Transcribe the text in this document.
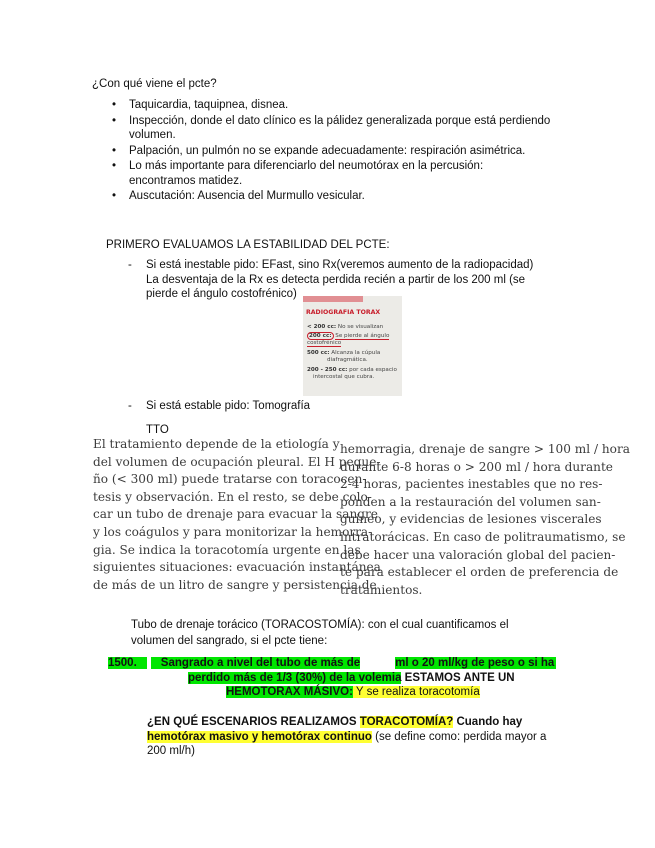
¿Con qué viene el pcte?
• Taquicardia, taquipnea, disnea.
• Inspección, donde el dato clínico es la pálidez generalizada porque está perdiendo
volumen.
• Palpación, un pulmón no se expande adecuadamente: respiración asimétrica.
• Lo más importante para diferenciarlo del neumotórax en la percusión:
encontramos matidez.
• Auscutación: Ausencia del Murmullo vesicular.
PRIMERO EVALUAMOS LA ESTABILIDAD DEL PCTE:
- Si está inestable pido: EFast, sino Rx(veremos aumento de la radiopacidad)
La desventaja de la Rx es detecta perdida recién a partir de los 200 ml (se
pierde el ángulo costofrénico)
RADIOGRAFIA TORAX
< 200 cc: No se visualizan
200 cc: Se pierde al ángulo
costofrénico
500 cc: Alcanza la cúpula
diafragmática.
200 - 250 cc: por cada espacio
intercostal que cubra.
- Si está estable pido: Tomografía
TTO

El tratamiento depende de la etiología y

del volumen de ocupación pleural. El H peque-

ño (< 300 ml) puede tratarse con toracocen-

tesis y observación. En el resto, se debe colo-

car un tubo de drenaje para evacuar la sangre

y los coágulos y para monitorizar la hemorra-

gia. Se indica la toracotomía urgente en las

siguientes situaciones: evacuación instantánea

de más de un litro de sangre y persistencia de

hemorragia, drenaje de sangre > 100 ml / hora

durante 6-8 horas o > 200 ml / hora durante

2-4 horas, pacientes inestables que no res-

ponden a la restauración del volumen san-

guíneo, y evidencias de lesiones viscerales

intratorácicas. En caso de politraumatismo, se

debe hacer una valoración global del pacien-

te para establecer el orden de preferencia de

tratamientos.

Tubo de drenaje torácico (TORACOSTOMÍA): con el cual cuantificamos el
volumen del sangrado, si el pcte tiene:
1500. Sangrado a nivel del tubo de más de	ml o 20 ml/kg de peso o si ha
perdido más de 1/3 (30%) de la volemia ESTAMOS ANTE UN
HEMOTORAX MÁSIVO: Y se realiza toracotomía
¿EN QUÉ ESCENARIOS REALIZAMOS TORACOTOMÍA? Cuando hay
hemotórax masivo y hemotórax continuo (se define como: perdida mayor a
200 ml/h)
